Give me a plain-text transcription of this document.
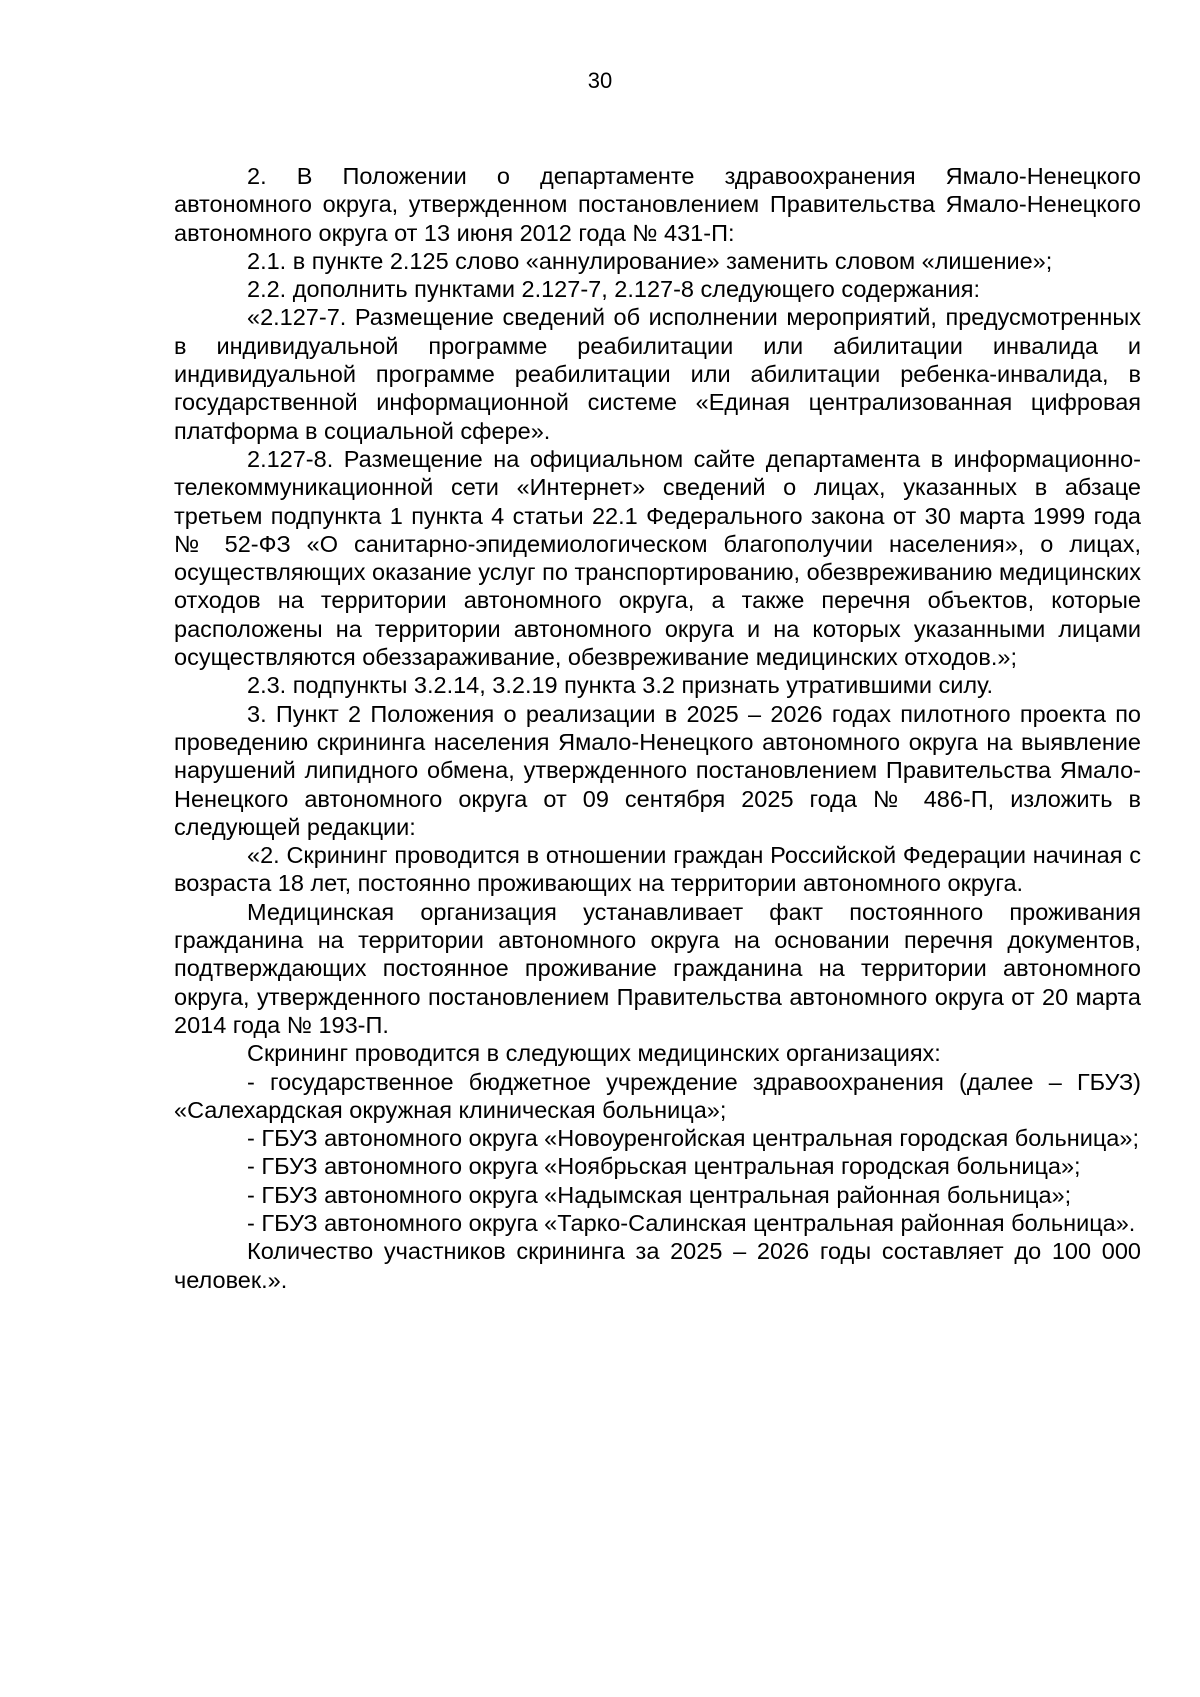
30

2. В Положении о департаменте здравоохранения Ямало-Ненецкого автономного округа, утвержденном постановлением Правительства Ямало-Ненецкого автономного округа от 13 июня 2012 года № 431-П:

2.1. в пункте 2.125 слово «аннулирование» заменить словом «лишение»;

2.2. дополнить пунктами 2.127-7, 2.127-8 следующего содержания:

«2.127-7. Размещение сведений об исполнении мероприятий, предусмотренных в индивидуальной программе реабилитации или абилитации инвалида и индивидуальной программе реабилитации или абилитации ребенка-инвалида, в государственной информационной системе «Единая централизованная цифровая платформа в социальной сфере».

2.127-8. Размещение на официальном сайте департамента в информационно-телекоммуникационной сети «Интернет» сведений о лицах, указанных в абзаце третьем подпункта 1 пункта 4 статьи 22.1 Федерального закона от 30 марта 1999 года № 52-ФЗ «О санитарно-эпидемиологическом благополучии населения», о лицах, осуществляющих оказание услуг по транспортированию, обезвреживанию медицинских отходов на территории автономного округа, а также перечня объектов, которые расположены на территории автономного округа и на которых указанными лицами осуществляются обеззараживание, обезвреживание медицинских отходов.»;

2.3. подпункты 3.2.14, 3.2.19 пункта 3.2 признать утратившими силу.

3. Пункт 2 Положения о реализации в 2025 – 2026 годах пилотного проекта по проведению скрининга населения Ямало-Ненецкого автономного округа на выявление нарушений липидного обмена, утвержденного постановлением Правительства Ямало-Ненецкого автономного округа от 09 сентября 2025 года № 486-П, изложить в следующей редакции:

«2. Скрининг проводится в отношении граждан Российской Федерации начиная с возраста 18 лет, постоянно проживающих на территории автономного округа.

Медицинская организация устанавливает факт постоянного проживания гражданина на территории автономного округа на основании перечня документов, подтверждающих постоянное проживание гражданина на территории автономного округа, утвержденного постановлением Правительства автономного округа от 20 марта 2014 года № 193-П.

Скрининг проводится в следующих медицинских организациях:

- государственное бюджетное учреждение здравоохранения (далее – ГБУЗ) «Салехардская окружная клиническая больница»;

- ГБУЗ автономного округа «Новоуренгойская центральная городская больница»;

- ГБУЗ автономного округа «Ноябрьская центральная городская больница»;

- ГБУЗ автономного округа «Надымская центральная районная больница»;

- ГБУЗ автономного округа «Тарко-Салинская центральная районная больница».

Количество участников скрининга за 2025 – 2026 годы составляет до 100 000 человек.».
